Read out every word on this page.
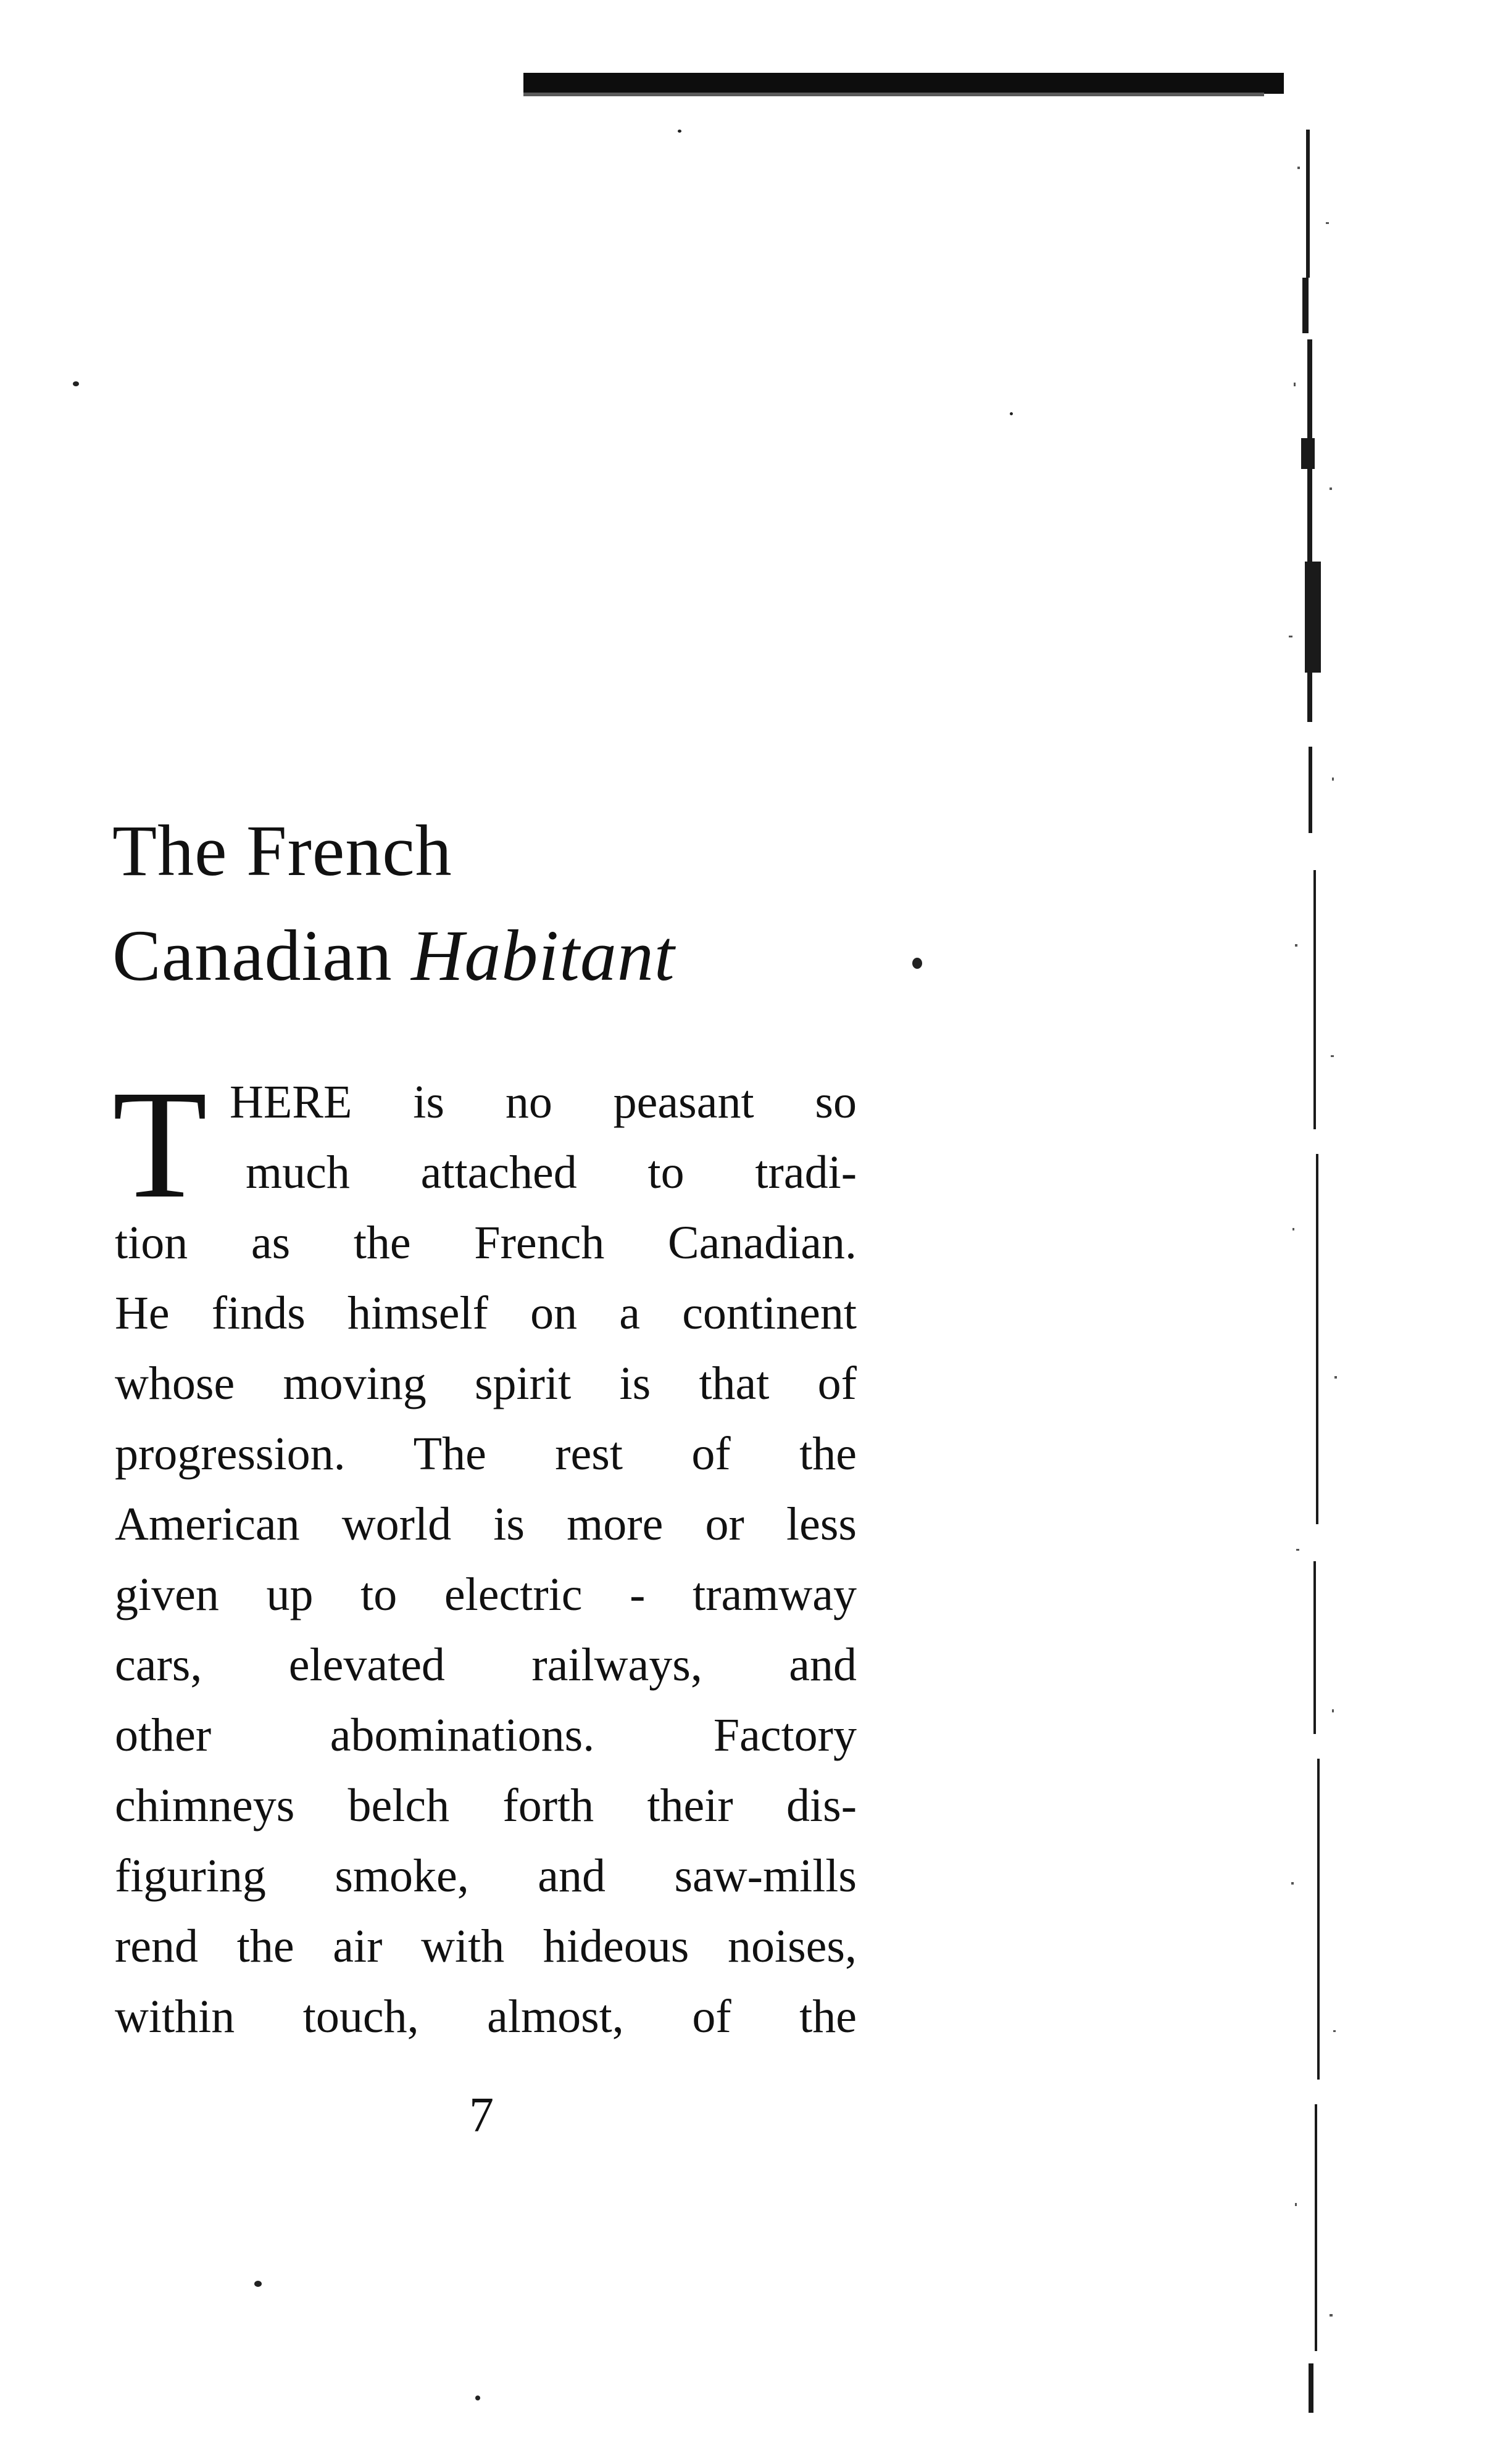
The French
Canadian Habitant
T HERE is no peasant so
much attached to tradi-
tion as the French Canadian.
He finds himself on a continent
whose moving spirit is that of
progression. The rest of the
American world is more or less
given up to electric - tramway
cars, elevated railways, and
other abominations. Factory
chimneys belch forth their dis-
figuring smoke, and saw-mills
rend the air with hideous noises,
within touch, almost, of the
7
